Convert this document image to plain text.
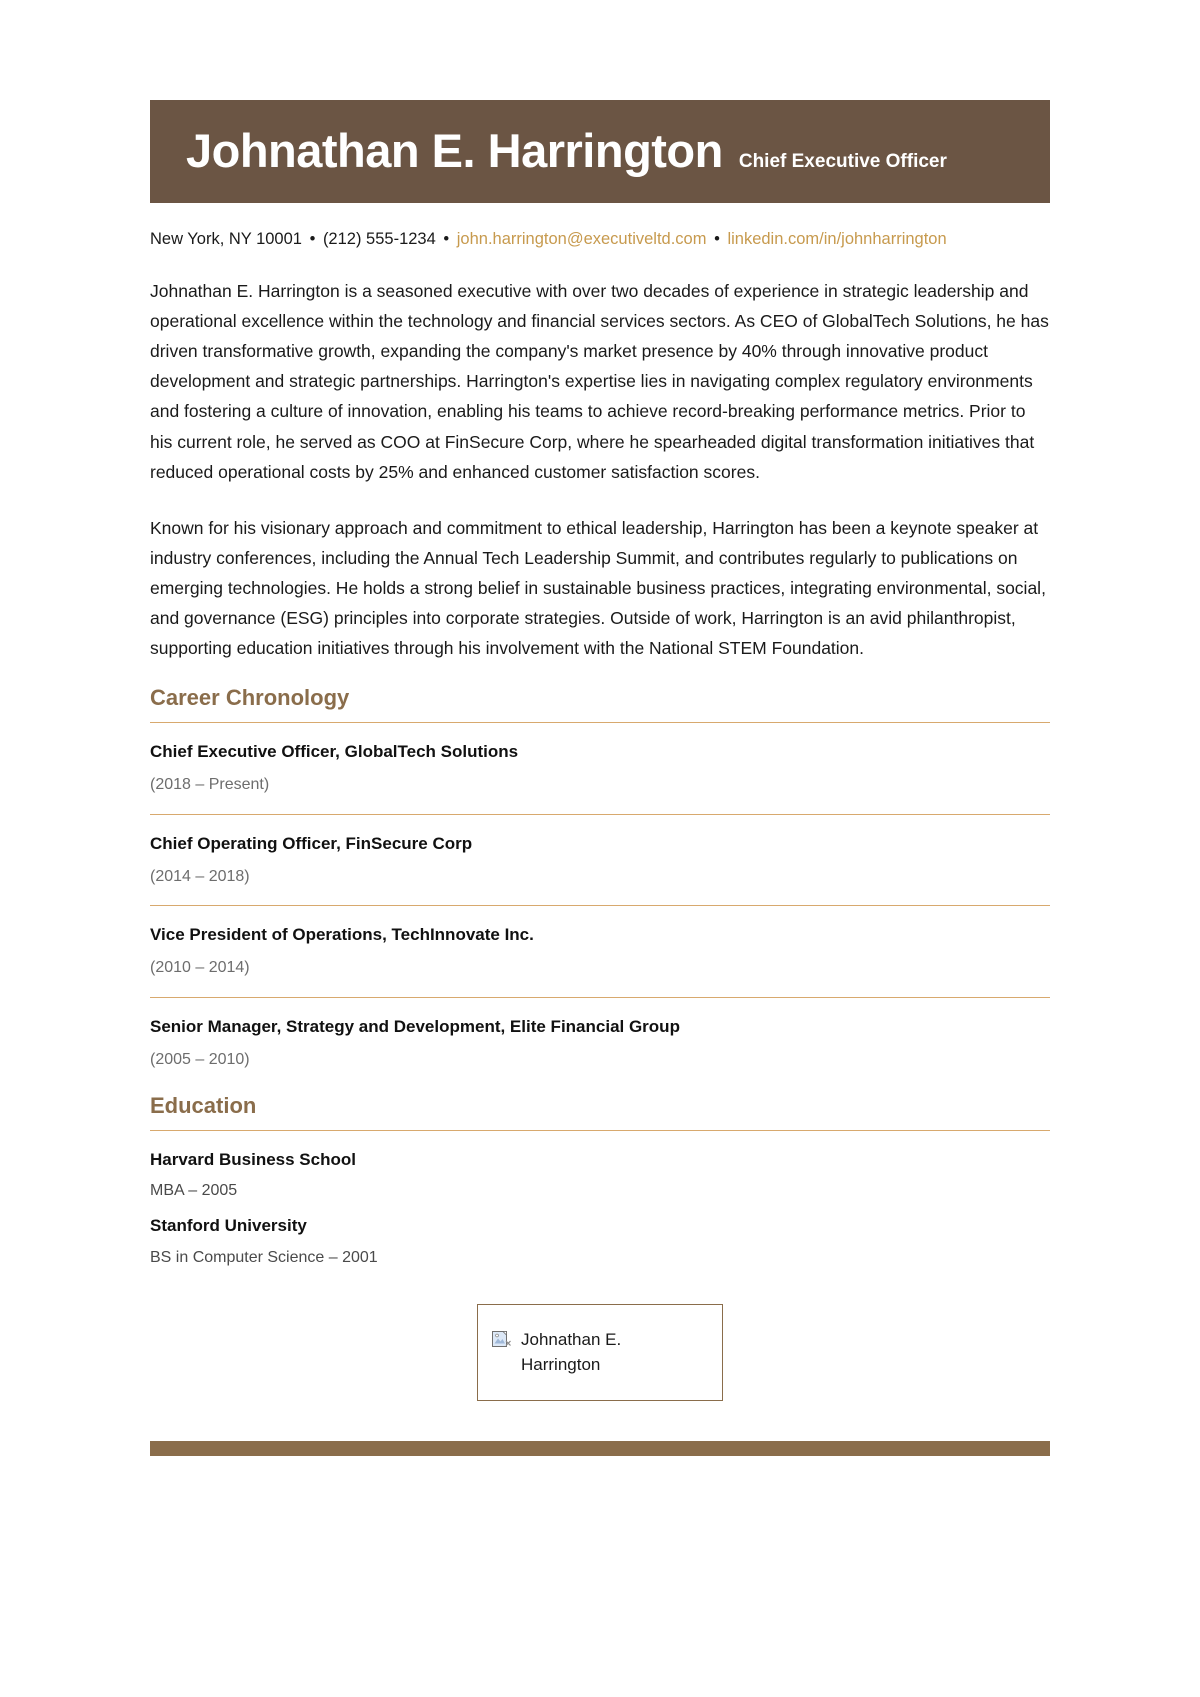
Johnathan E. Harrington Chief Executive Officer
New York, NY 10001 • (212) 555-1234 • john.harrington@executiveltd.com • linkedin.com/in/johnharrington

Johnathan E. Harrington is a seasoned executive with over two decades of experience in strategic leadership and operational excellence within the technology and financial services sectors. As CEO of GlobalTech Solutions, he has driven transformative growth, expanding the company's market presence by 40% through innovative product development and strategic partnerships. Harrington's expertise lies in navigating complex regulatory environments and fostering a culture of innovation, enabling his teams to achieve record-breaking performance metrics. Prior to his current role, he served as COO at FinSecure Corp, where he spearheaded digital transformation initiatives that reduced operational costs by 25% and enhanced customer satisfaction scores.

Known for his visionary approach and commitment to ethical leadership, Harrington has been a keynote speaker at industry conferences, including the Annual Tech Leadership Summit, and contributes regularly to publications on emerging technologies. He holds a strong belief in sustainable business practices, integrating environmental, social, and governance (ESG) principles into corporate strategies. Outside of work, Harrington is an avid philanthropist, supporting education initiatives through his involvement with the National STEM Foundation.

Career Chronology
Chief Executive Officer, GlobalTech Solutions
(2018 – Present)
Chief Operating Officer, FinSecure Corp
(2014 – 2018)
Vice President of Operations, TechInnovate Inc.
(2010 – 2014)
Senior Manager, Strategy and Development, Elite Financial Group
(2005 – 2010)
Education
Harvard Business School
MBA – 2005
Stanford University
BS in Computer Science – 2001
Johnathan E. Harrington
